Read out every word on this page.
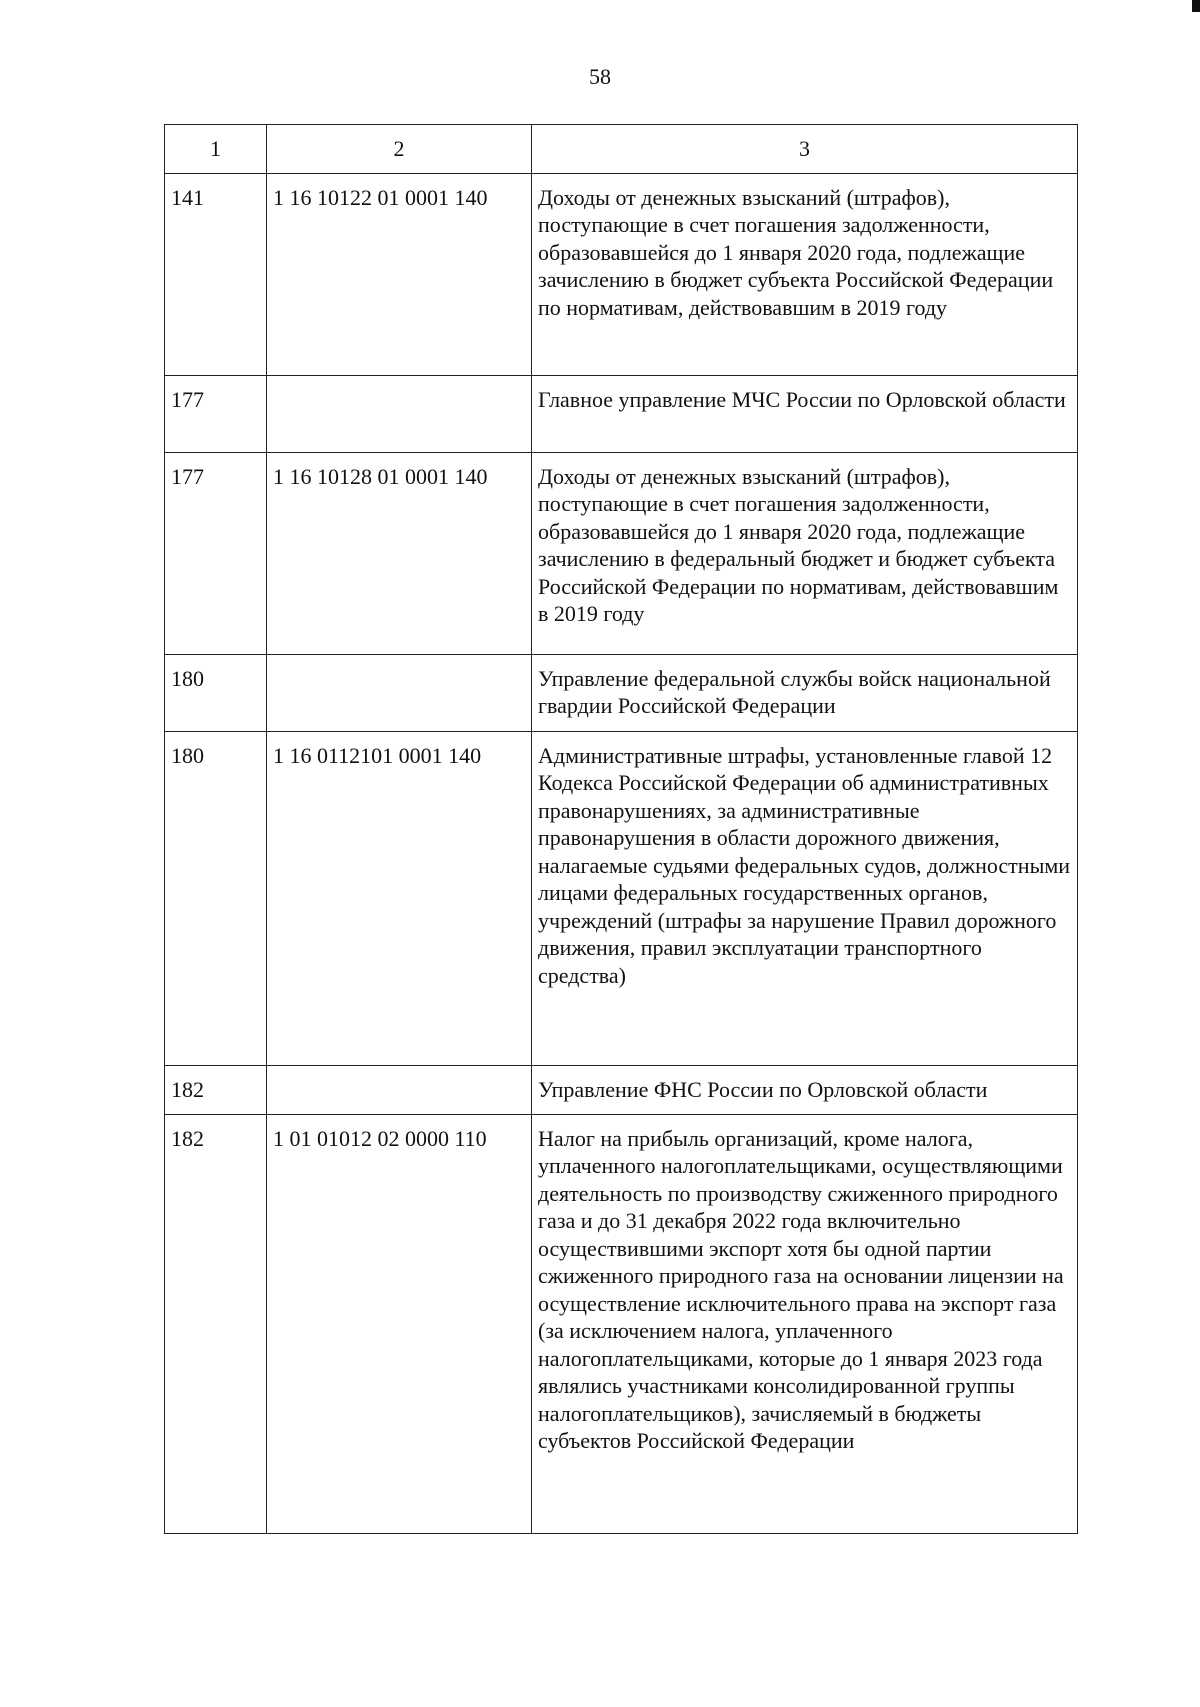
58
1	2	3
141	1 16 10122 01 0001 140	Доходы от денежных взысканий (штрафов), поступающие в счет погашения задолженности, образовавшейся до 1 января 2020 года, подлежащие зачислению в бюджет субъекта Российской Федерации по нормативам, действовавшим в 2019 году
177		Главное управление МЧС России по Орловской области
177	1 16 10128 01 0001 140	Доходы от денежных взысканий (штрафов), поступающие в счет погашения задолженности, образовавшейся до 1 января 2020 года, подлежащие зачислению в федеральный бюджет и бюджет субъекта Российской Федерации по нормативам, действовавшим в 2019 году
180		Управление федеральной службы войск национальной гвардии Российской Федерации
180	1 16 0112101 0001 140	Административные штрафы, установленные главой 12 Кодекса Российской Федерации об административных правонарушениях, за административные правонарушения в области дорожного движения, налагаемые судьями федеральных судов, должностными лицами федеральных государственных органов, учреждений (штрафы за нарушение Правил дорожного движения, правил эксплуатации транспортного средства)
182		Управление ФНС России по Орловской области
182	1 01 01012 02 0000 110	Налог на прибыль организаций, кроме налога, уплаченного налогоплательщиками, осуществляющими деятельность по производству сжиженного природного газа и до 31 декабря 2022 года включительно осуществившими экспорт хотя бы одной партии сжиженного природного газа на основании лицензии на осуществление исключительного права на экспорт газа (за исключением налога, уплаченного налогоплательщиками, которые до 1 января 2023 года являлись участниками консолидированной группы налогоплательщиков), зачисляемый в бюджеты субъектов Российской Федерации
